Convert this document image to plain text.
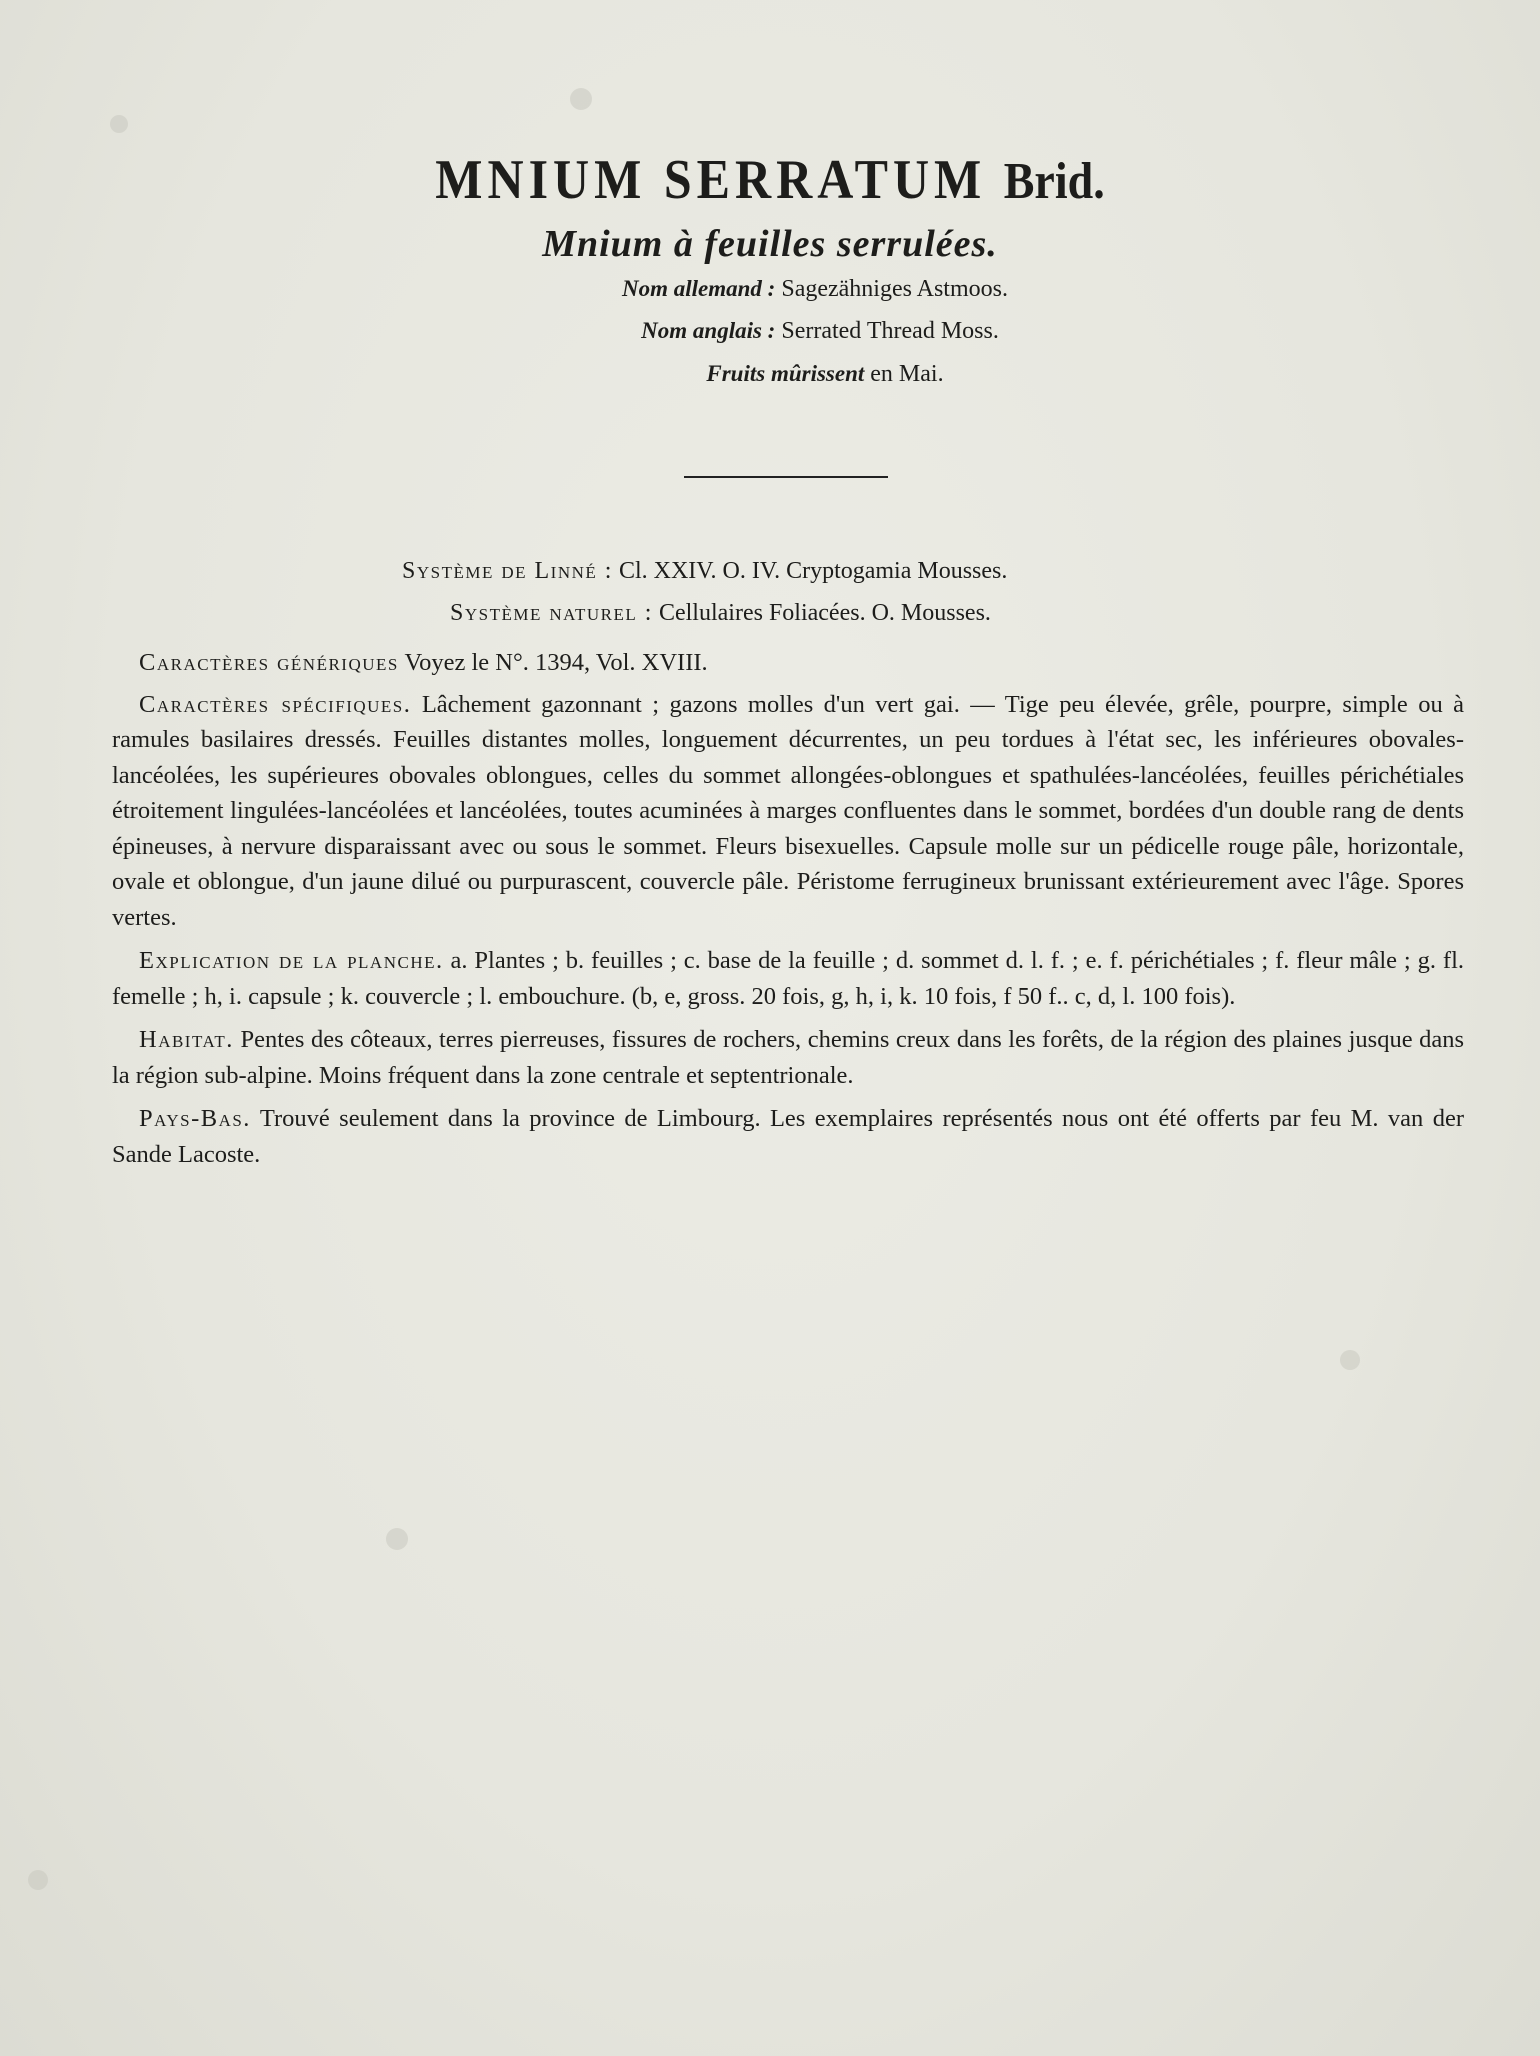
MNIUM SERRATUM Brid.
Mnium à feuilles serrulées.
Nom allemand : Sagezähniges Astmoos.
Nom anglais : Serrated Thread Moss.
Fruits mûrissent en Mai.
Système de Linné : Cl. XXIV. O. IV. Cryptogamia Mousses.
Système naturel : Cellulaires Foliacées. O. Mousses.

Caractères génériques Voyez le N°. 1394, Vol. XVIII.

Caractères spécifiques. Lâchement gazonnant ; gazons molles d'un vert gai. — Tige peu élevée, grêle, pourpre, simple ou à ramules basilaires dressés. Feuilles distantes molles, longuement décurrentes, un peu tordues à l'état sec, les inférieures obovales-lancéolées, les supérieures obovales oblongues, celles du sommet allongées-oblongues et spathulées-lancéolées, feuilles périchétiales étroitement lingulées-lancéolées et lancéolées, toutes acuminées à marges confluentes dans le sommet, bordées d'un double rang de dents épineuses, à nervure disparaissant avec ou sous le sommet. Fleurs bisexuelles. Capsule molle sur un pédicelle rouge pâle, horizontale, ovale et oblongue, d'un jaune dilué ou purpurascent, couvercle pâle. Péristome ferrugineux brunissant extérieurement avec l'âge. Spores vertes.

Explication de la planche. a. Plantes ; b. feuilles ; c. base de la feuille ; d. sommet d. l. f. ; e. f. périchétiales ; f. fleur mâle ; g. fl. femelle ; h, i. capsule ; k. couvercle ; l. embouchure. (b, e, gross. 20 fois, g, h, i, k. 10 fois, f 50 f.. c, d, l. 100 fois).

Habitat. Pentes des côteaux, terres pierreuses, fissures de rochers, chemins creux dans les forêts, de la région des plaines jusque dans la région sub-alpine. Moins fréquent dans la zone centrale et septentrionale.

Pays-Bas. Trouvé seulement dans la province de Limbourg. Les exemplaires représentés nous ont été offerts par feu M. van der Sande Lacoste.
